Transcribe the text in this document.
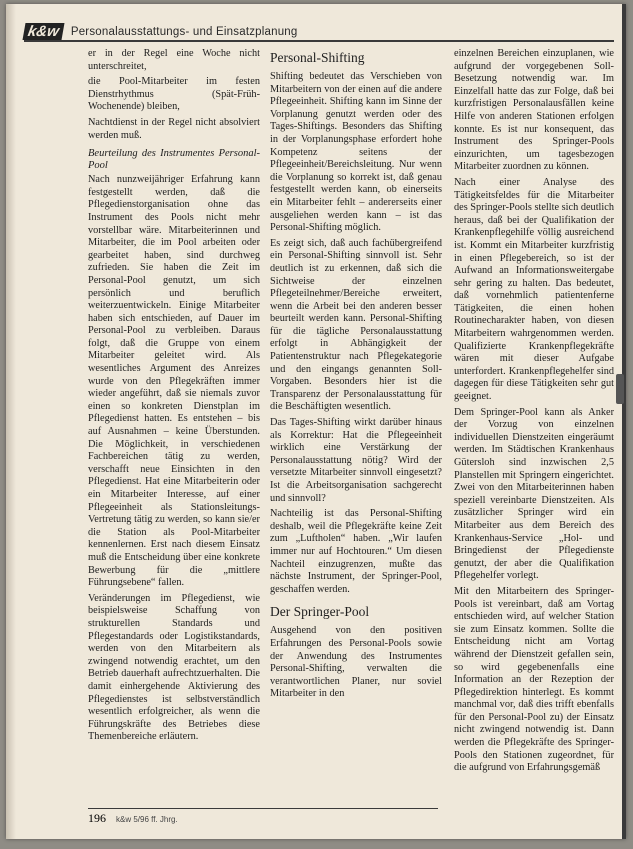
k&w Personalausstattungs- und Einsatzplanung

er in der Regel eine Woche nicht unterschreitet,

die Pool-Mitarbeiter im festen Dienstrhythmus (Spät-Früh-Wochenende) bleiben,

Nachtdienst in der Regel nicht absolviert werden muß.

Beurteilung des Instrumentes Personal-Pool

Nach nunzweijähriger Erfahrung kann festgestellt werden, daß die Pflegedienstorganisation ohne das Instrument des Pools nicht mehr vorstellbar wäre. Mitarbeiterinnen und Mitarbeiter, die im Pool arbeiten oder gearbeitet haben, sind durchweg zufrieden. Sie haben die Zeit im Personal-Pool genutzt, um sich persönlich und beruflich weiterzuentwickeln. Einige Mitarbeiter haben sich entschieden, auf Dauer im Personal-Pool zu verbleiben. Daraus folgt, daß die Gruppe von einem Mitarbeiter geleitet wird. Als wesentliches Argument des Anreizes wurde von den Pflegekräften immer wieder angeführt, daß sie niemals zuvor einen so konkreten Dienstplan im Pflegedienst hatten. Es entstehen – bis auf Ausnahmen – keine Überstunden. Die Möglichkeit, in verschiedenen Fachbereichen tätig zu werden, verschafft neue Einsichten in den Pflegedienst. Hat eine Mitarbeiterin oder ein Mitarbeiter Interesse, auf einer Pflegeeinheit als Stationsleitungs-Vertretung tätig zu werden, so kann sie/er die Station als Pool-Mitarbeiter kennenlernen. Erst nach diesem Einsatz muß die Entscheidung über eine konkrete Bewerbung für die „mittlere Führungsebene“ fallen.

Veränderungen im Pflegedienst, wie beispielsweise Schaffung von strukturellen Standards und Pflegestandards oder Logistikstandards, werden von den Mitarbeitern als zwingend notwendig erachtet, um den Betrieb dauerhaft aufrechtzuerhalten. Die damit einhergehende Aktivierung des Pflegedienstes ist selbstverständlich wesentlich erfolgreicher, als wenn die Führungskräfte des Betriebes diese Themenbereiche erläutern.

Personal-Shifting

Shifting bedeutet das Verschieben von Mitarbeitern von der einen auf die andere Pflegeeinheit. Shifting kann im Sinne der Vorplanung genutzt werden oder des Tages-Shiftings. Besonders das Shifting in der Vorplanungsphase erfordert hohe Kompetenz seitens der Pflegeeinheit/Bereichsleitung. Nur wenn die Vorplanung so korrekt ist, daß genau festgestellt werden kann, ob einerseits ein Mitarbeiter fehlt – andererseits einer ausgeliehen werden kann – ist das Personal-Shifting möglich.

Es zeigt sich, daß auch fachübergreifend ein Personal-Shifting sinnvoll ist. Sehr deutlich ist zu erkennen, daß sich die Sichtweise der einzelnen Pflegeteilnehmer/Bereiche erweitert, wenn die Arbeit bei den anderen besser beurteilt werden kann. Personal-Shifting für die tägliche Personalausstattung erfolgt in Abhängigkeit der Patientenstruktur nach Pflegekategorie und den eingangs genannten Soll-Vorgaben. Besonders hier ist die Transparenz der Personalausstattung für die Beschäftigten wesentlich.

Das Tages-Shifting wirkt darüber hinaus als Korrektur: Hat die Pflegeeinheit wirklich eine Verstärkung der Personalausstattung nötig? Wird der versetzte Mitarbeiter sinnvoll eingesetzt? Ist die Arbeitsorganisation sachgerecht und sinnvoll?

Nachteilig ist das Personal-Shifting deshalb, weil die Pflegekräfte keine Zeit zum „Luftholen“ haben. „Wir laufen immer nur auf Hochtouren.“ Um diesen Nachteil einzugrenzen, mußte das nächste Instrument, der Springer-Pool, geschaffen werden.

Der Springer-Pool

Ausgehend von den positiven Erfahrungen des Personal-Pools sowie der Anwendung des Instrumentes Personal-Shifting, verwalten die verantwortlichen Planer, nur soviel Mitarbeiter in den

einzelnen Bereichen einzuplanen, wie aufgrund der vorgegebenen Soll-Besetzung notwendig war. Im Einzelfall hatte das zur Folge, daß bei kurzfristigen Personalausfällen keine Hilfe von anderen Stationen erfolgen konnte. Es ist nur konsequent, das Instrument des Springer-Pools einzurichten, um tagesbezogen Mitarbeiter zuordnen zu können.

Nach einer Analyse des Tätigkeitsfeldes für die Mitarbeiter des Springer-Pools stellte sich deutlich heraus, daß bei der Qualifikation der Krankenpflegehilfe völlig ausreichend ist. Kommt ein Mitarbeiter kurzfristig in einen Pflegebereich, so ist der Aufwand an Informationsweitergabe sehr gering zu halten. Das bedeutet, daß vornehmlich patientenferne Tätigkeiten, die einen hohen Routinecharakter haben, von diesen Mitarbeitern wahrgenommen werden. Qualifizierte Krankenpflegekräfte wären mit dieser Aufgabe unterfordert. Krankenpflegehelfer sind dagegen für diese Tätigkeiten sehr gut geeignet.

Dem Springer-Pool kann als Anker der Vorzug von einzelnen individuellen Dienstzeiten eingeräumt werden. Im Städtischen Krankenhaus Gütersloh sind inzwischen 2,5 Planstellen mit Springern eingerichtet. Zwei von den Mitarbeiterinnen haben speziell vereinbarte Dienstzeiten. Als zusätzlicher Springer wird ein Mitarbeiter aus dem Bereich des Krankenhaus-Service „Hol- und Bringedienst der Pflegedienste genutzt, der aber die Qualifikation Pflegehelfer vorlegt.

Mit den Mitarbeitern des Springer-Pools ist vereinbart, daß am Vortag entschieden wird, auf welcher Station sie zum Einsatz kommen. Sollte die Entscheidung nicht am Vortag während der Dienstzeit gefallen sein, so wird gegebenenfalls eine Information an der Rezeption der Pflegedirektion hinterlegt. Es kommt manchmal vor, daß dies trifft ebenfalls für den Personal-Pool zu) der Einsatz nicht zwingend notwendig ist. Dann werden die Pflegekräfte des Springer-Pools den Stationen zugeordnet, für die aufgrund von Erfahrungsgemäß

196 k&w 5/96 ff. Jhrg.
